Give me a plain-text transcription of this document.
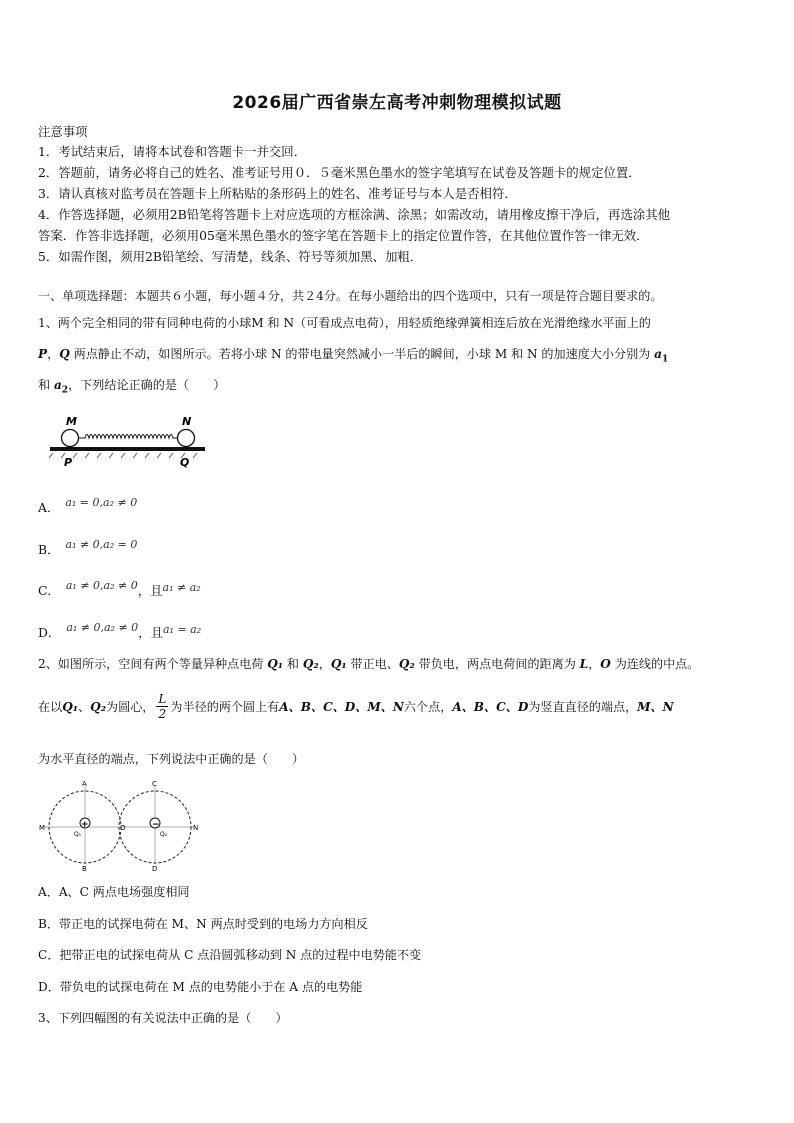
2026届广西省崇左高考冲刺物理模拟试题
注意事项
1．考试结束后，请将本试卷和答题卡一并交回．
2．答题前，请务必将自己的姓名、准考证号用０．５毫米黑色墨水的签字笔填写在试卷及答题卡的规定位置．
3．请认真核对监考员在答题卡上所粘贴的条形码上的姓名、准考证号与本人是否相符．
4．作答选择题，必须用2B铅笔将答题卡上对应选项的方框涂满、涂黑；如需改动，请用橡皮擦干净后，再选涂其他
答案．作答非选择题，必须用05毫米黑色墨水的签字笔在答题卡上的指定位置作答，在其他位置作答一律无效．
5．如需作图，须用2B铅笔绘、写清楚，线条、符号等须加黑、加粗．
一、单项选择题：本题共６小题，每小题４分，共２4分。在每小题给出的四个选项中，只有一项是符合题目要求的。
1、两个完全相同的带有同种电荷的小球M 和 N（可看成点电荷），用轻质绝缘弹簧相连后放在光滑绝缘水平面上的
P，Q 两点静止不动，如图所示。若将小球 N 的带电量突然减小一半后的瞬间，小球 M 和 N 的加速度大小分别为 $a_1$
和 $a_2$，下列结论正确的是（　　）
M	N
P	Q
A． a₁ = 0,a₂ ≠ 0
B． a₁ ≠ 0,a₂ = 0
C． a₁ ≠ 0,a₂ ≠ 0 ，且 a₁ ≠ a₂
D． a₁ ≠ 0,a₂ ≠ 0 ，且 a₁ = a₂
2、如图所示，空间有两个等量异种点电荷 Q₁ 和 Q₂，Q₁ 带正电、Q₂ 带负电，两点电荷间的距离为 L，O 为连线的中点。
在以 Q₁ 、 Q₂ 为圆心， $\frac{L}{2}$ 为半径的两个圆上有 A、B、C、D、M、N 六个点， A、B、C、D 为竖直直径的端点， M、N
为水平直径的端点，下列说法中正确的是（　　）
+	−
A
B
C
D
M	N
O
Q₁	Q₂
A．A、C 两点电场强度相同
B．带正电的试探电荷在 M、N 两点时受到的电场力方向相反
C．把带正电的试探电荷从 C 点沿圆弧移动到 N 点的过程中电势能不变
D．带负电的试探电荷在 M 点的电势能小于在 A 点的电势能
3、下列四幅图的有关说法中正确的是（　　）
